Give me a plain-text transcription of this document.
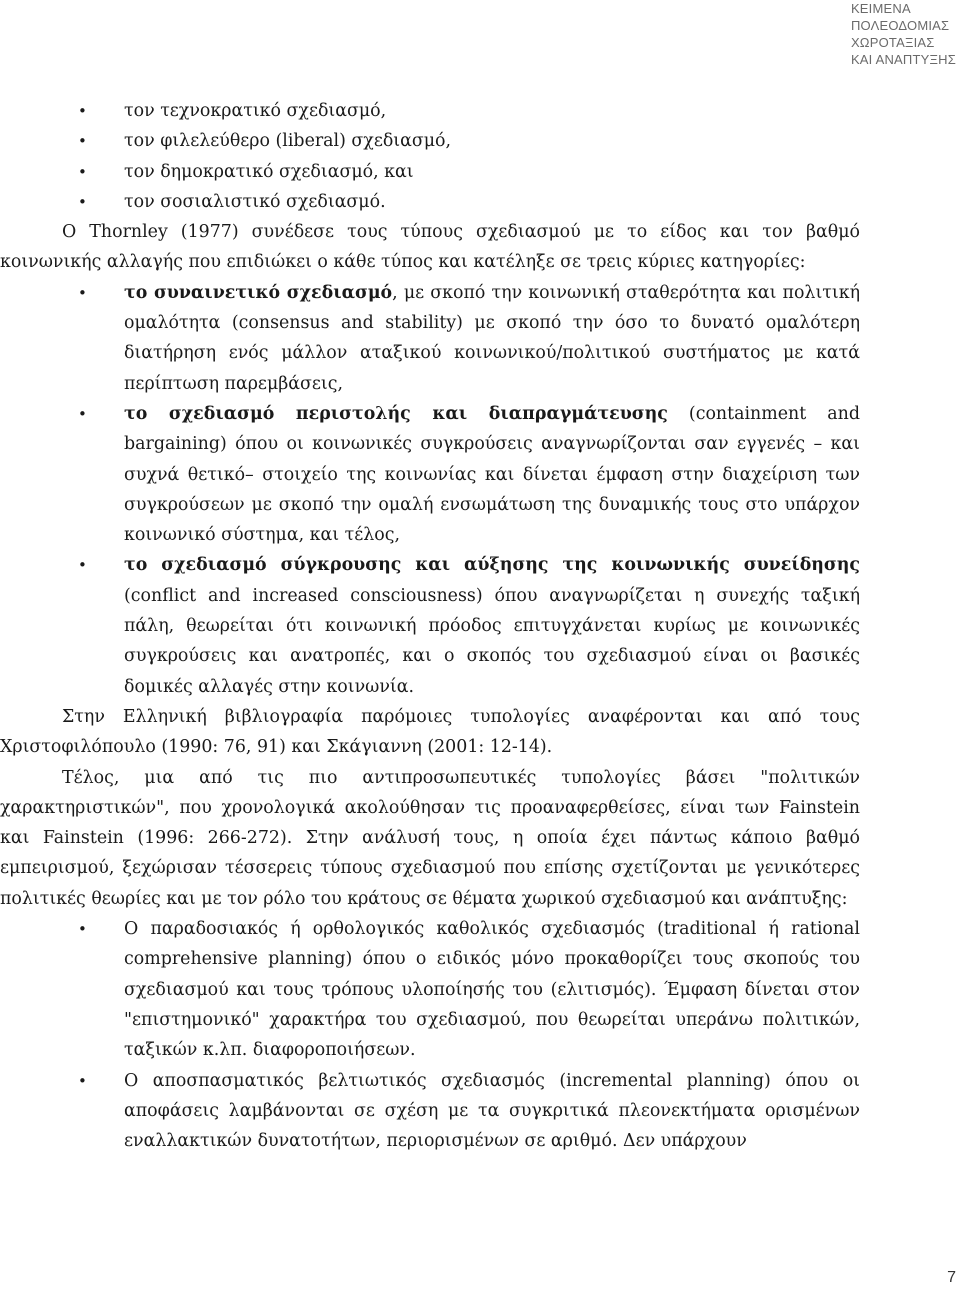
ΚΕΙΜΕΝΑ
ΠΟΛΕΟΔΟΜΙΑΣ
ΧΩΡΟΤΑΞΙΑΣ
ΚΑΙ ΑΝΑΠΤΥΞΗΣ
• τον τεχνοκρατικό σχεδιασμό,
• τον φιλελεύθερο (liberal) σχεδιασμό,
• τον δημοκρατικό σχεδιασμό, και
• τον σοσιαλιστικό σχεδιασμό.
Ο Thornley (1977) συνέδεσε τους τύπους σχεδιασμού με το είδος και τον βαθμό κοινωνικής αλλαγής που επιδιώκει ο κάθε τύπος και κατέληξε σε τρεις κύριες κατηγορίες:
• το συναινετικό σχεδιασμό, με σκοπό την κοινωνική σταθερότητα και πολιτική ομαλότητα (consensus and stability) με σκοπό την όσο το δυνατό ομαλότερη διατήρηση ενός μάλλον αταξικού κοινωνικού/πολιτικού συστήματος με κατά περίπτωση παρεμβάσεις,
• το σχεδιασμό περιστολής και διαπραγμάτευσης (containment and bargaining) όπου οι κοινωνικές συγκρούσεις αναγνωρίζονται σαν εγγενές – και συχνά θετικό– στοιχείο της κοινωνίας και δίνεται έμφαση στην διαχείριση των συγκρούσεων με σκοπό την ομαλή ενσωμάτωση της δυναμικής τους στο υπάρχον κοινωνικό σύστημα, και τέλος,
• το σχεδιασμό σύγκρουσης και αύξησης της κοινωνικής συνείδησης (conflict and increased consciousness) όπου αναγνωρίζεται η συνεχής ταξική πάλη, θεωρείται ότι κοινωνική πρόοδος επιτυγχάνεται κυρίως με κοινωνικές συγκρούσεις και ανατροπές, και ο σκοπός του σχεδιασμού είναι οι βασικές δομικές αλλαγές στην κοινωνία.
Στην Ελληνική βιβλιογραφία παρόμοιες τυπολογίες αναφέρονται και από τους Χριστοφιλόπουλο (1990: 76, 91) και Σκάγιαννη (2001: 12-14).
Τέλος, μια από τις πιο αντιπροσωπευτικές τυπολογίες βάσει "πολιτικών χαρακτηριστικών", που χρονολογικά ακολούθησαν τις προαναφερθείσες, είναι των Fainstein και Fainstein (1996: 266-272). Στην ανάλυσή τους, η οποία έχει πάντως κάποιο βαθμό εμπειρισμού, ξεχώρισαν τέσσερεις τύπους σχεδιασμού που επίσης σχετίζονται με γενικότερες πολιτικές θεωρίες και με τον ρόλο του κράτους σε θέματα χωρικού σχεδιασμού και ανάπτυξης:
• Ο παραδοσιακός ή ορθολογικός καθολικός σχεδιασμός (traditional ή rational comprehensive planning) όπου ο ειδικός μόνο προκαθορίζει τους σκοπούς του σχεδιασμού και τους τρόπους υλοποίησής του (ελιτισμός). Έμφαση δίνεται στον "επιστημονικό" χαρακτήρα του σχεδιασμού, που θεωρείται υπεράνω πολιτικών, ταξικών κ.λπ. διαφοροποιήσεων.
• Ο αποσπασματικός βελτιωτικός σχεδιασμός (incremental planning) όπου οι αποφάσεις λαμβάνονται σε σχέση με τα συγκριτικά πλεονεκτήματα ορισμένων εναλλακτικών δυνατοτήτων, περιορισμένων σε αριθμό. Δεν υπάρχουν
7
